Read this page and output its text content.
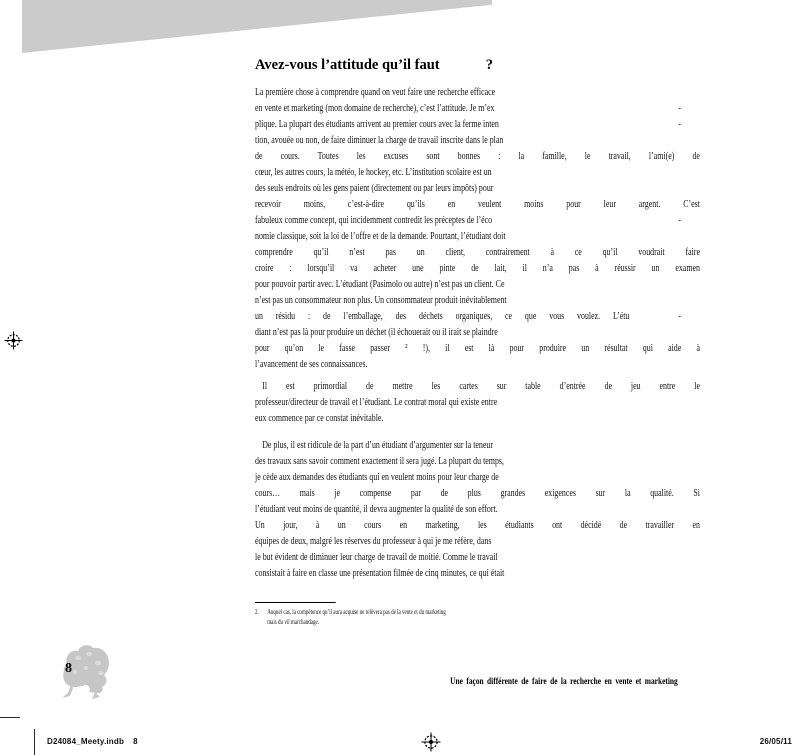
Avez-vous l’attitude qu’il faut	?
La première chose à comprendre quand on veut faire une recherche efficace
en vente et marketing (mon domaine de recherche), c’est l’attitude. Je m’ex	-
plique. La plupart des étudiants arrivent au premier cours avec la ferme inten	-
tion, avouée ou non, de faire diminuer la charge de travail inscrite dans le plan
de cours. Toutes les excuses sont bonnes : la famille, le travail, l’ami(e) de
cœur, les autres cours, la météo, le hockey, etc. L’institution scolaire est un
des seuls endroits où les gens paient (directement ou par leurs impôts) pour
recevoir moins, c’est-à-dire qu’ils en veulent moins pour leur argent. C’est
fabuleux comme concept, qui incidemment contredit les préceptes de l’éco	-
nomie classique, soit la loi de l’offre et de la demande. Pourtant, l’étudiant doit
comprendre qu’il n’est pas un client, contrairement à ce qu’il voudrait faire
croire : lorsqu’il va acheter une pinte de lait, il n’a pas à réussir un examen
pour pouvoir partir avec. L’étudiant (Pasimolo ou autre) n’est pas un client. Ce
n’est pas un consommateur non plus. Un consommateur produit inévitablement
un résidu : de l’emballage, des déchets organiques, ce que vous voulez. L’étu	-
diant n’est pas là pour produire un déchet (il échouerait ou il irait se plaindre
pour qu’on le fasse passer ² !), il est là pour produire un résultat qui aide à
l’avancement de ses connaissances.
Il est primordial de mettre les cartes sur table d’entrée de jeu entre le
professeur/directeur de travail et l’étudiant. Le contrat moral qui existe entre
eux commence par ce constat inévitable.
De plus, il est ridicule de la part d’un étudiant d’argumenter sur la teneur
des travaux sans savoir comment exactement il sera jugé. La plupart du temps,
je cède aux demandes des étudiants qui en veulent moins pour leur charge de
cours… mais je compense par de plus grandes exigences sur la qualité. Si
l’étudiant veut moins de quantité, il devra augmenter la qualité de son effort.
Un jour, à un cours en marketing, les étudiants ont décidé de travailler en
équipes de deux, malgré les réserves du professeur à qui je me réfère, dans
le but évident de diminuer leur charge de travail de moitié. Comme le travail
consistait à faire en classe une présentation filmée de cinq minutes, ce qui était
2.	Auquel cas, la compétence qu’il aura acquise ne relèvera pas de la vente et du marketing
mais du vil marchandage.
Une façon différente de faire de la recherche en vente et marketing
8
D24084_Meety.indb 8	26/05/11
